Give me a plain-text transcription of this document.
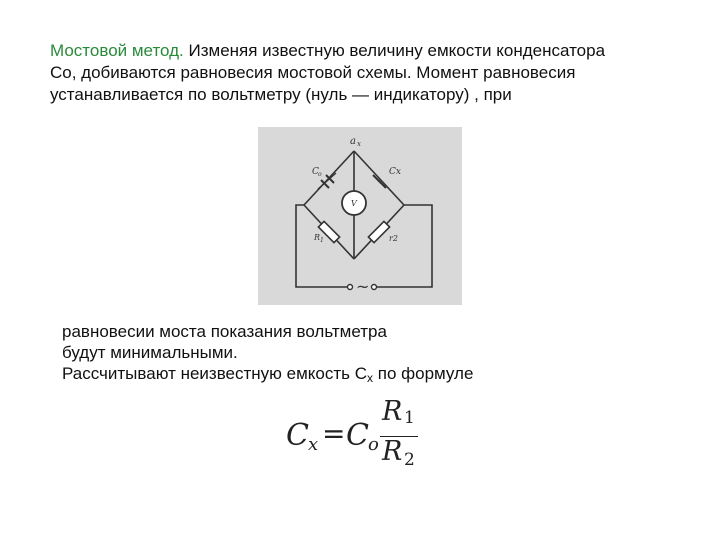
Мостовой метод. Изменяя известную величину емкости конденсатора
Со, добиваются равновесия мостовой схемы. Момент равновесия
устанавливается по вольтметру (нуль — индикатору) , при
a x
C o	Cx
V
R 1	r2
~
равновесии моста показания вольтметра
будут минимальными.
Рассчитывают неизвестную емкость $С_x$ по формуле
C x = C o
R 1
R 2
